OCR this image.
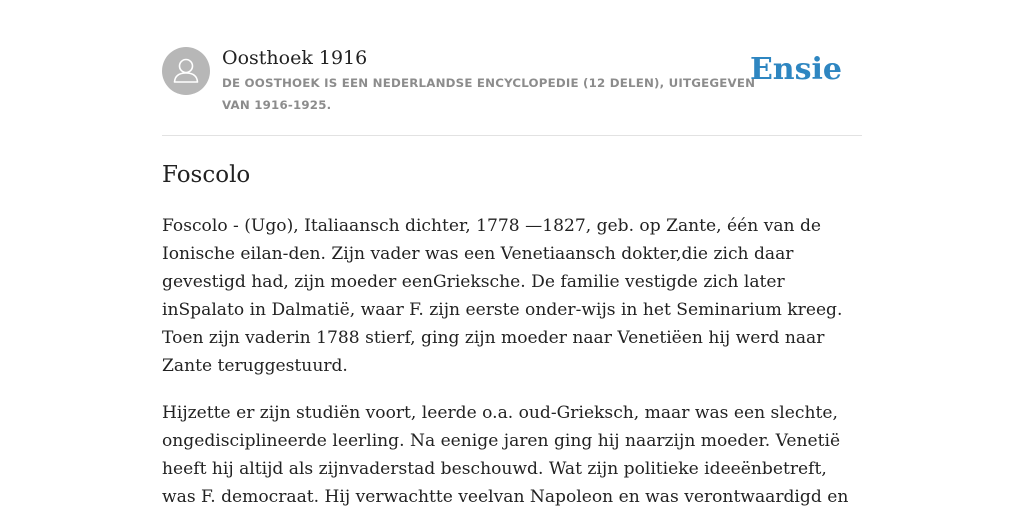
Oosthoek 1916
DE OOSTHOEK IS EEN NEDERLANDSE ENCYCLOPEDIE (12 DELEN), UITGEGEVEN VAN 1916-1925.
Ensie
Foscolo

Foscolo - (Ugo), Italiaansch dichter, 1778 —1827, geb. op Zante, één van de Ionische eilan-den. Zijn vader was een Venetiaansch dokter,die zich daar gevestigd had, zijn moeder eenGrieksche. De familie vestigde zich later inSpalato in Dalmatië, waar F. zijn eerste onder-wijs in het Seminarium kreeg. Toen zijn vaderin 1788 stierf, ging zijn moeder naar Venetiëen hij werd naar Zante teruggestuurd.

Hijzette er zijn studiën voort, leerde o.a. oud-Grieksch, maar was een slechte, ongedisciplineerde leerling. Na eenige jaren ging hij naarzijn moeder. Venetië heeft hij altijd als zijnvaderstad beschouwd. Wat zijn politieke ideeënbetreft, was F. democraat. Hij verwachtte veelvan Napoleon en was verontwaardigd en
